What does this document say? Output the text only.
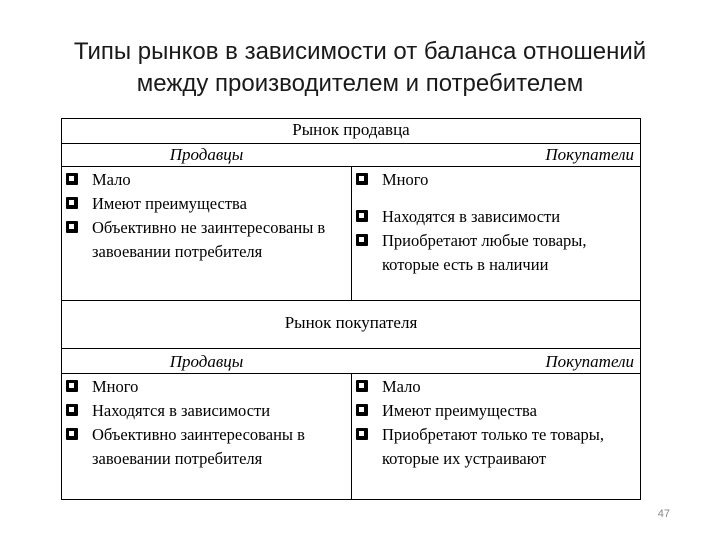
Типы рынков в зависимости от баланса отношений
между производителем и потребителем
Рынок продавца
Продавцы	Покупатели
Мало
Имеют преимущества
Объективно не заинтересованы в завоевании потребителя
Много
Находятся в зависимости
Приобретают любые товары, которые есть в наличии
Рынок покупателя
Продавцы	Покупатели
Много
Находятся в зависимости
Объективно заинтересованы в завоевании потребителя
Мало
Имеют преимущества
Приобретают только те товары, которые их устраивают
47
